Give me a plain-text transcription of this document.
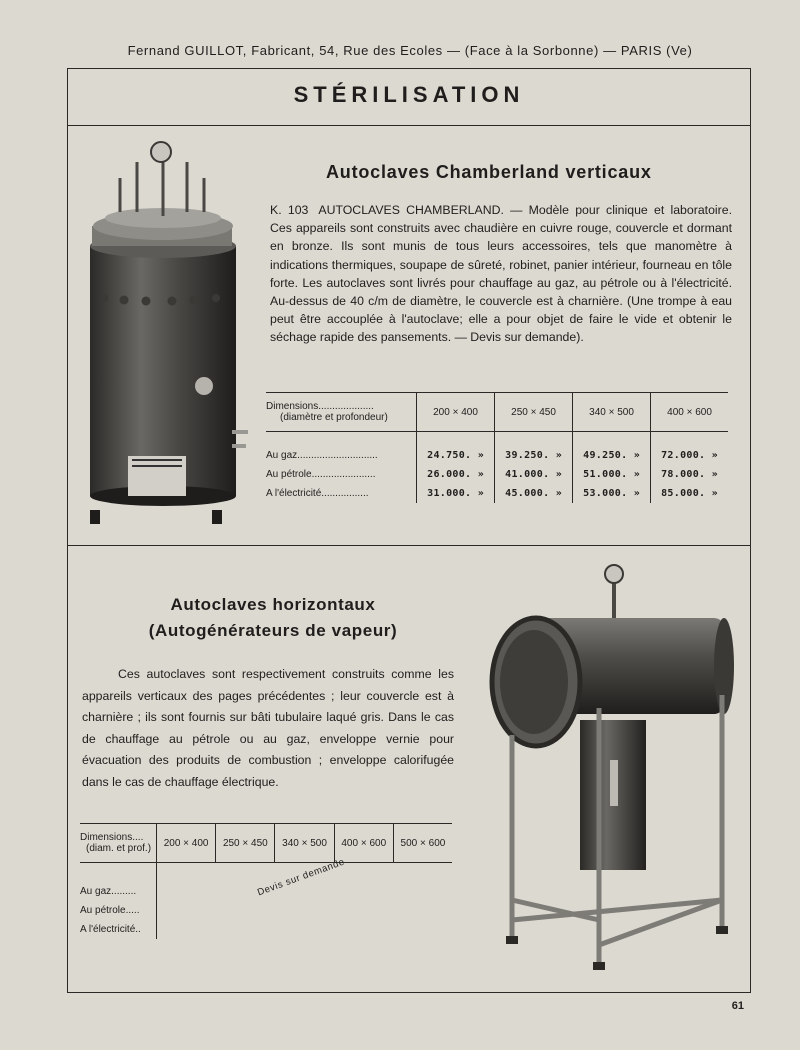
Fernand GUILLOT, Fabricant, 54, Rue des Ecoles — (Face à la Sorbonne) — PARIS (Ve)
STÉRILISATION
Autoclaves Chamberland verticaux
K. 103 AUTOCLAVES CHAMBERLAND. — Modèle pour clinique et laboratoire. Ces appareils sont construits avec chaudière en cuivre rouge, couvercle et dormant en bronze. Ils sont munis de tous leurs accessoires, tels que manomètre à indications thermiques, soupape de sûreté, robinet, panier intérieur, fourneau en tôle forte. Les autoclaves sont livrés pour chauffage au gaz, au pétrole ou à l'électricité. Au-dessus de 40 c/m de diamètre, le couvercle est à charnière. (Une trompe à eau peut être accouplée à l'autoclave; elle a pour objet de faire le vide et obtenir le séchage rapide des pansements. — Devis sur demande).
Dimensions....................
(diamètre et profondeur)	200 × 400	250 × 450	340 × 500	400 × 600

Au gaz.............................	24.750. »	39.250. »	49.250. »	72.000. »
Au pétrole.......................	26.000. »	41.000. »	51.000. »	78.000. »
A l'électricité.................	31.000. »	45.000. »	53.000. »	85.000. »
Autoclaves horizontaux
(Autogénérateurs de vapeur)
Ces autoclaves sont respectivement construits comme les appareils verticaux des pages précédentes ; leur couvercle est à charnière ; ils sont fournis sur bâti tubulaire laqué gris. Dans le cas de chauffage au pétrole ou au gaz, enveloppe vernie pour évacuation des produits de combustion ; enveloppe calorifugée dans le cas de chauffage électrique.
Dimensions....
(diam. et prof.)	200 × 400	250 × 450	340 × 500	400 × 600	500 × 600

Au gaz.........					
Au pétrole.....					
A l'électricité..					
Devis sur demande
61
